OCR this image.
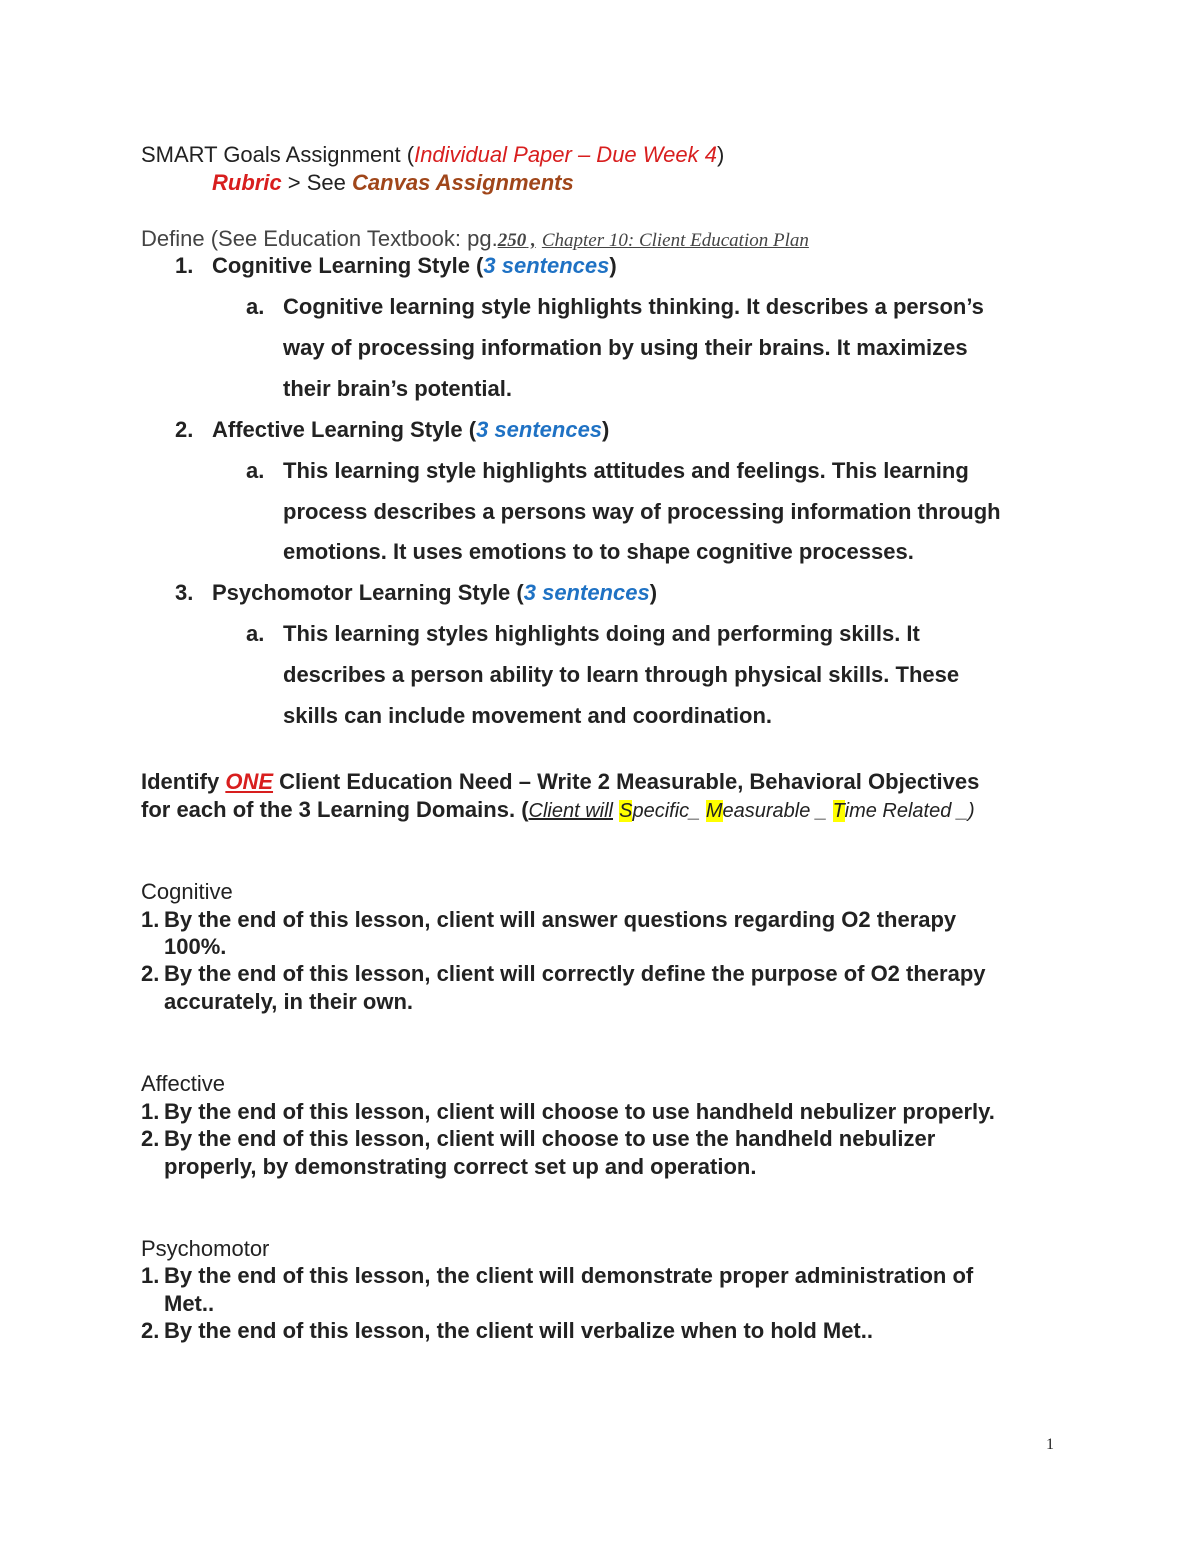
SMART Goals Assignment (Individual Paper – Due Week 4)
Rubric > See Canvas Assignments
Define (See Education Textbook: pg.250 , Chapter 10: Client Education Plan
1. Cognitive Learning Style (3 sentences)
a. Cognitive learning style highlights thinking. It describes a person’s
way of processing information by using their brains. It maximizes
their brain’s potential.
2. Affective Learning Style (3 sentences)
a. This learning style highlights attitudes and feelings. This learning
process describes a persons way of processing information through
emotions. It uses emotions to to shape cognitive processes.
3. Psychomotor Learning Style (3 sentences)
a. This learning styles highlights doing and performing skills. It
describes a person ability to learn through physical skills. These
skills can include movement and coordination.
Identify ONE Client Education Need – Write 2 Measurable, Behavioral Objectives
for each of the 3 Learning Domains. (Client will Specific_ Measurable _ Time Related _)
Cognitive
1. By the end of this lesson, client will answer questions regarding O2 therapy
100%.
2. By the end of this lesson, client will correctly define the purpose of O2 therapy
accurately, in their own.
Affective
1. By the end of this lesson, client will choose to use handheld nebulizer properly.
2. By the end of this lesson, client will choose to use the handheld nebulizer
properly, by demonstrating correct set up and operation.
Psychomotor
1. By the end of this lesson, the client will demonstrate proper administration of
Met..
2. By the end of this lesson, the client will verbalize when to hold Met..
1
